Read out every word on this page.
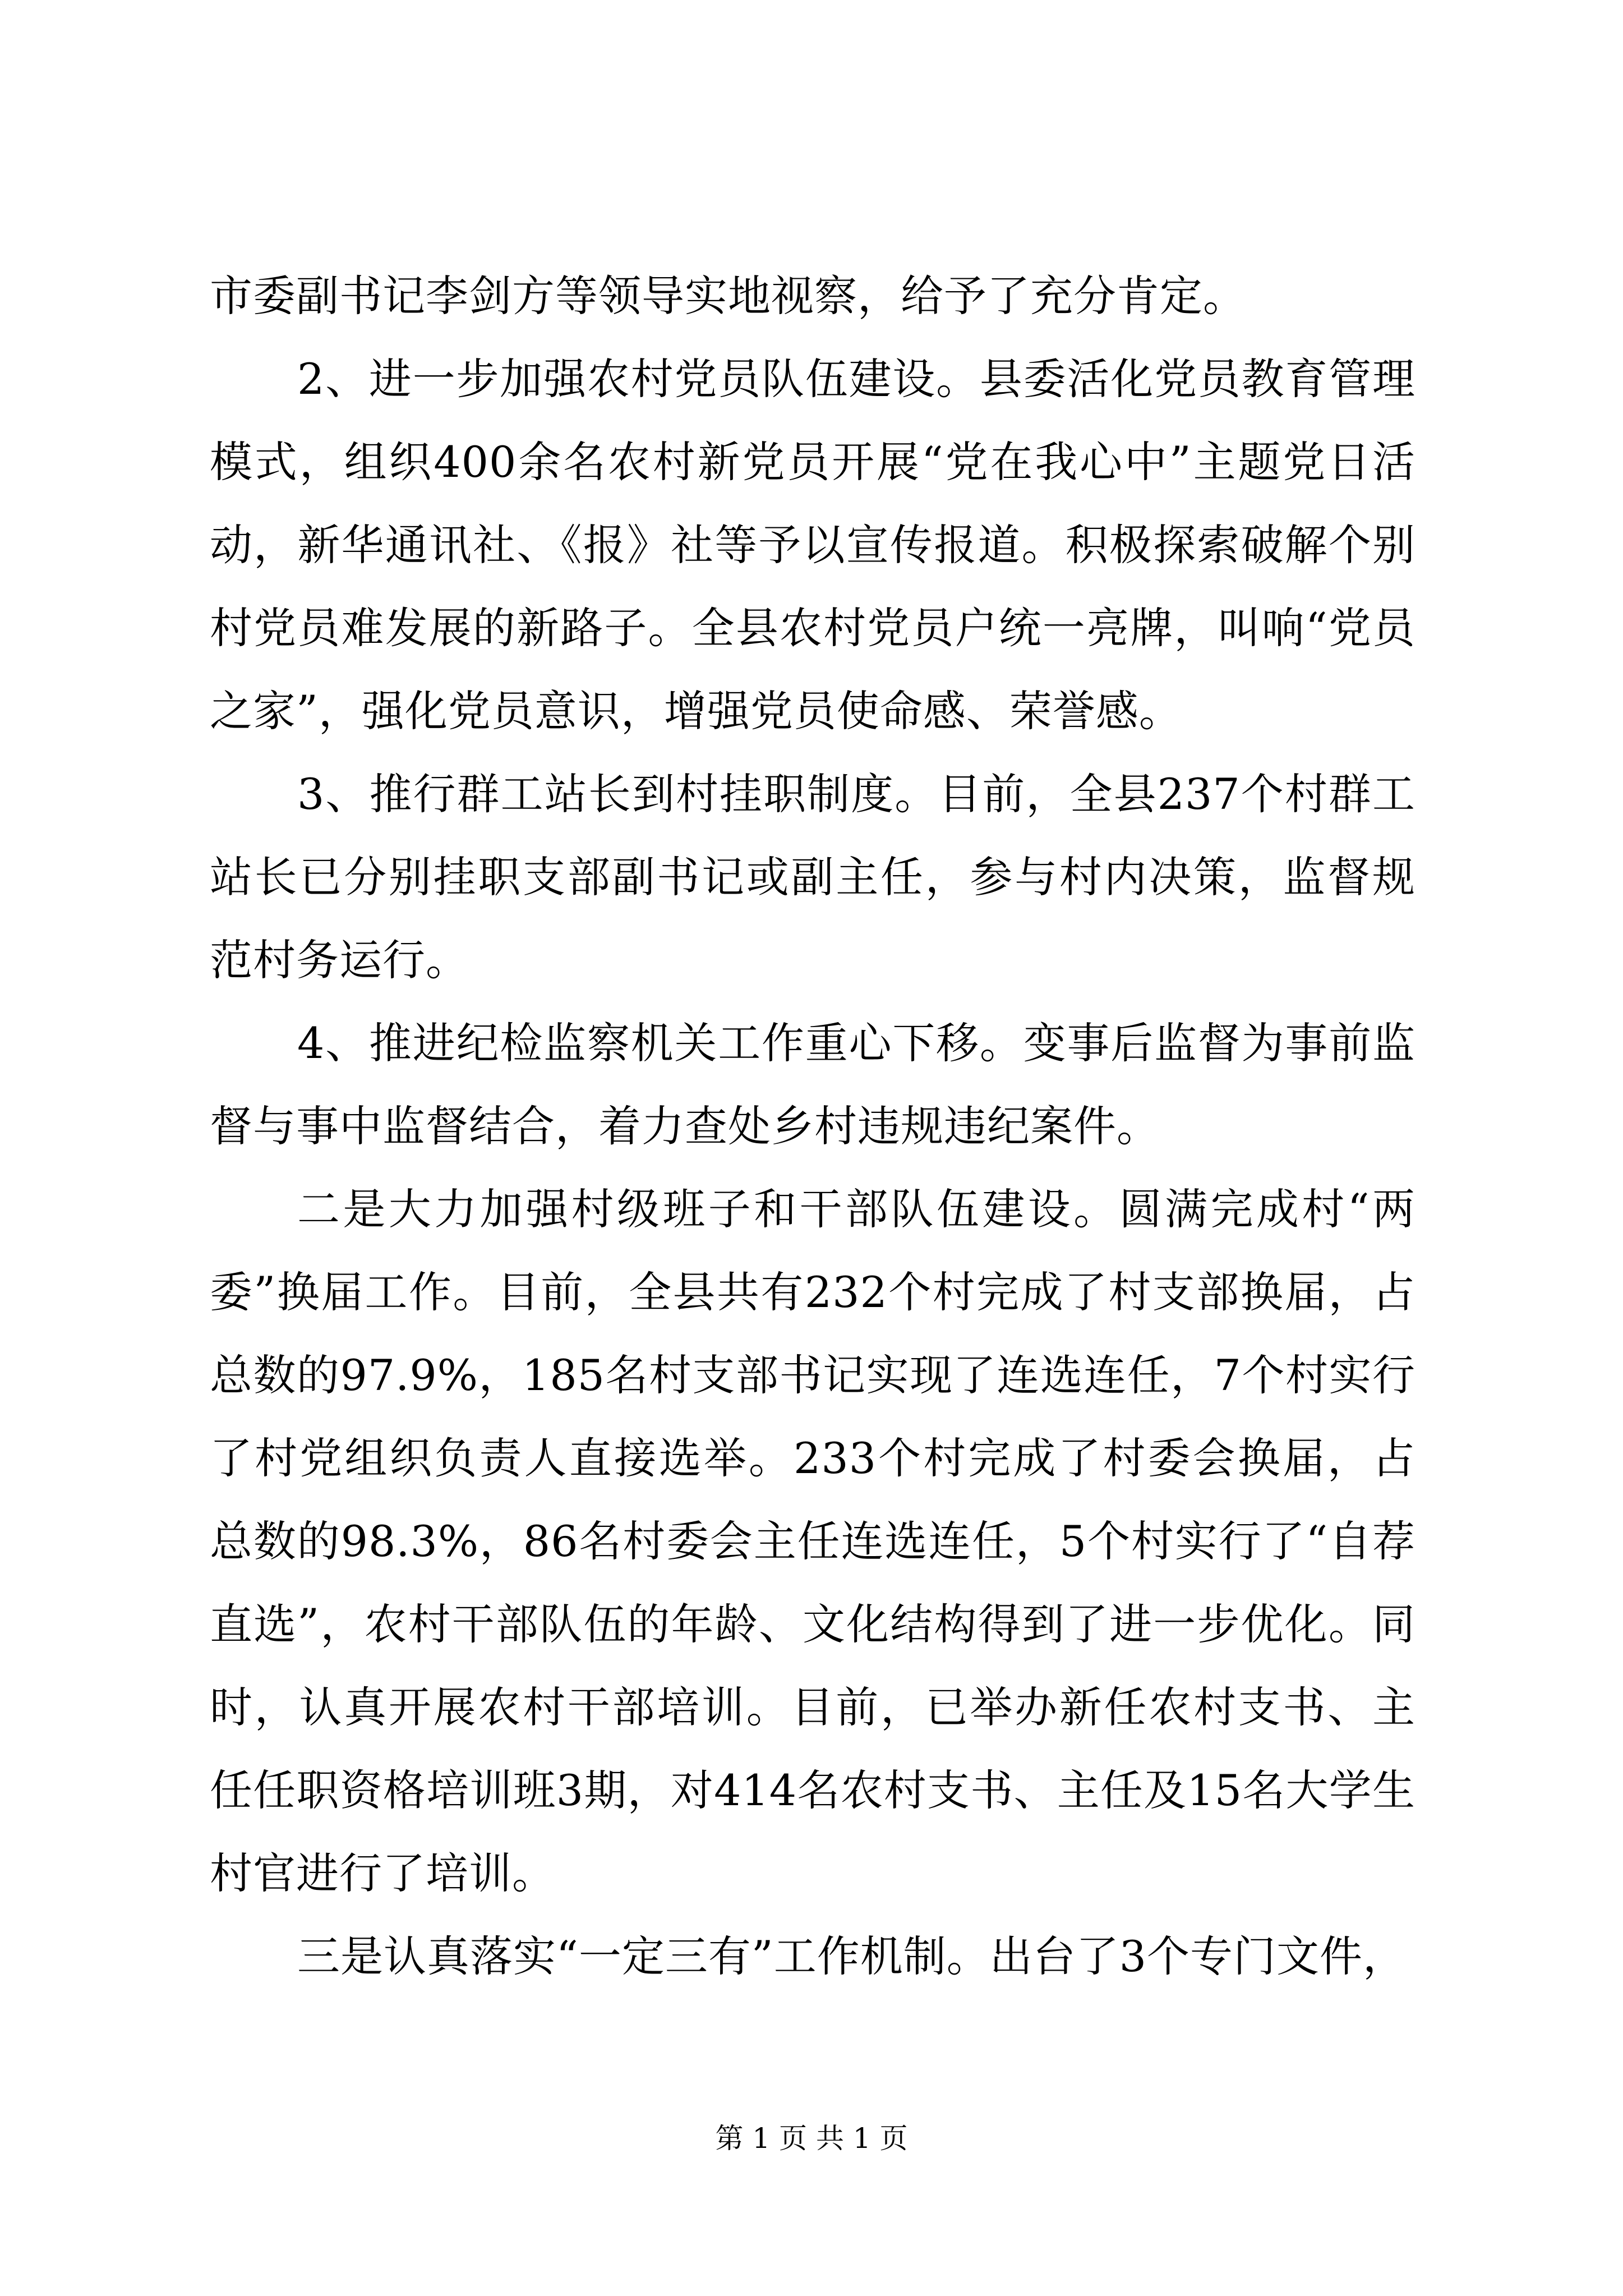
市委副书记李剑方等领导实地视察，给予了充分肯定。

2、进一步加强农村党员队伍建设。县委活化党员教育管理模式，组织400余名农村新党员开展“党在我心中”主题党日活动，新华通讯社、《报》社等予以宣传报道。积极探索破解个别村党员难发展的新路子。全县农村党员户统一亮牌，叫响“党员之家”，强化党员意识，增强党员使命感、荣誉感。

3、推行群工站长到村挂职制度。目前，全县237个村群工站长已分别挂职支部副书记或副主任，参与村内决策，监督规范村务运行。

4、推进纪检监察机关工作重心下移。变事后监督为事前监督与事中监督结合，着力查处乡村违规违纪案件。

二是大力加强村级班子和干部队伍建设。圆满完成村“两委”换届工作。目前，全县共有232个村完成了村支部换届，占总数的97.9%，185名村支部书记实现了连选连任，7个村实行了村党组织负责人直接选举。233个村完成了村委会换届，占总数的98.3%，86名村委会主任连选连任，5个村实行了“自荐直选”，农村干部队伍的年龄、文化结构得到了进一步优化。同时，认真开展农村干部培训。目前，已举办新任农村支书、主任任职资格培训班3期，对414名农村支书、主任及15名大学生村官进行了培训。

三是认真落实“一定三有”工作机制。出台了3个专门文件，

第 1 页 共 1 页
